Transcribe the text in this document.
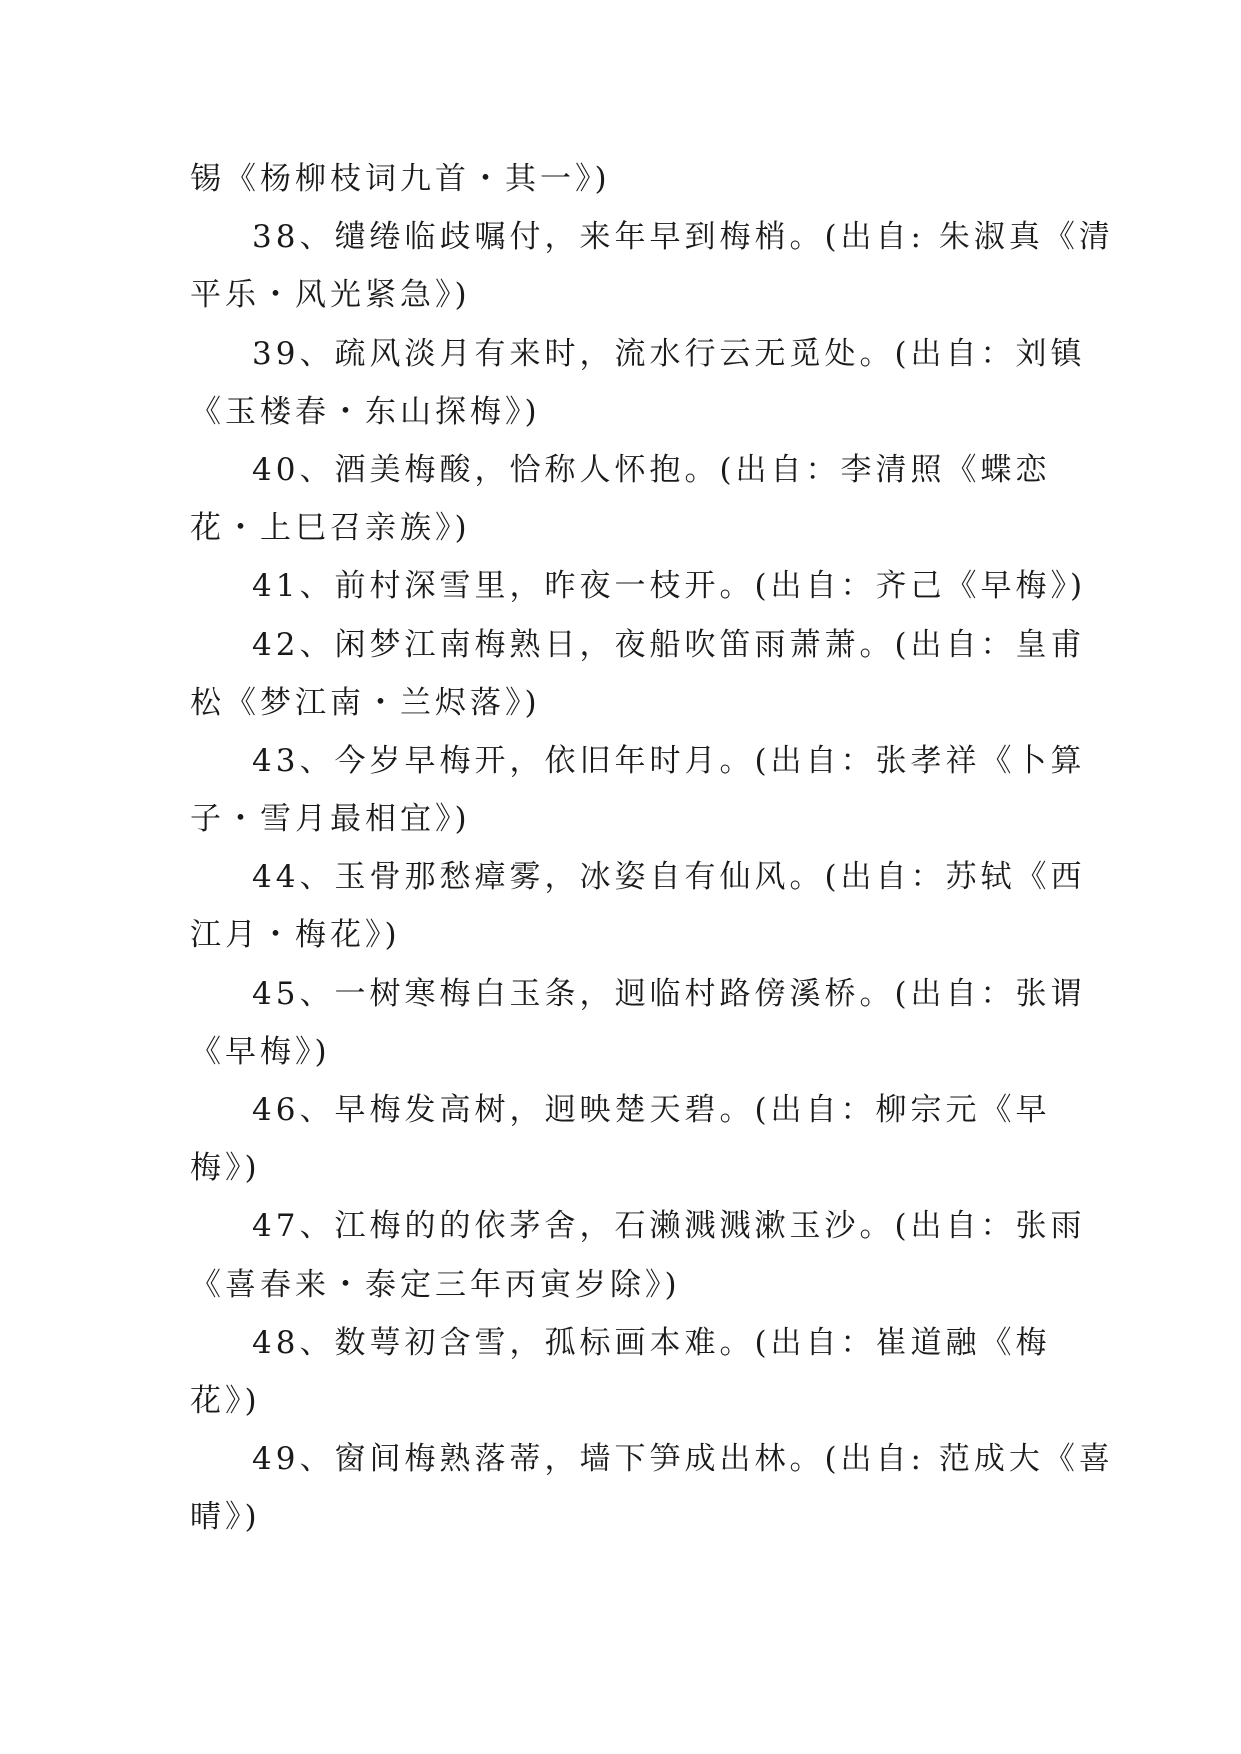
锡《杨柳枝词九首・其一》)
38、缱绻临歧嘱付，来年早到梅梢。(出自: 朱淑真《清
平乐・风光紧急》)
39、疏风淡月有来时，流水行云无觅处。(出自：刘镇
《玉楼春・东山探梅》)
40、酒美梅酸，恰称人怀抱。(出自：李清照《蝶恋
花・上巳召亲族》)
41、前村深雪里，昨夜一枝开。(出自：齐己《早梅》)
42、闲梦江南梅熟日，夜船吹笛雨萧萧。(出自：皇甫
松《梦江南・兰烬落》)
43、今岁早梅开，依旧年时月。(出自：张孝祥《卜算
子・雪月最相宜》)
44、玉骨那愁瘴雾，冰姿自有仙风。(出自：苏轼《西
江月・梅花》)
45、一树寒梅白玉条，迥临村路傍溪桥。(出自：张谓
《早梅》)
46、早梅发高树，迥映楚天碧。(出自：柳宗元《早
梅》)
47、江梅的的依茅舍，石濑溅溅漱玉沙。(出自：张雨
《喜春来・泰定三年丙寅岁除》)
48、数萼初含雪，孤标画本难。(出自：崔道融《梅
花》)
49、窗间梅熟落蒂，墙下笋成出林。(出自: 范成大《喜
晴》)
